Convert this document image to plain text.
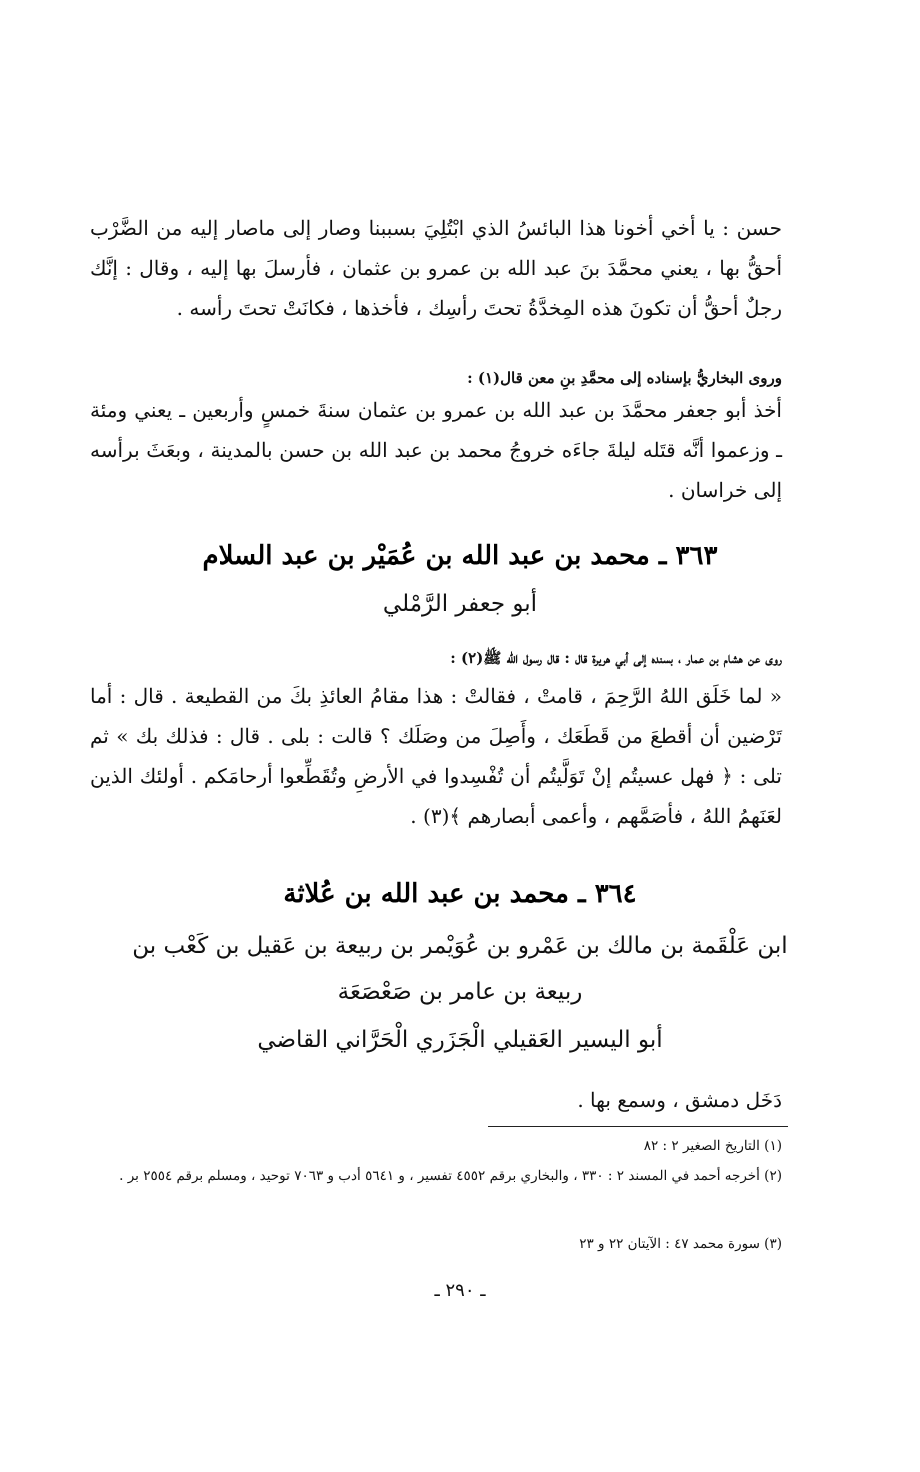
حسن : يا أخي أخونا هذا البائسُ الذي ابْتُلِيَ بسببنا وصار إلى ماصار إليه من الضَّرْب أحقُّ بها ، يعني محمَّدَ بنَ عبد الله بن عمرو بن عثمان ، فأرسلَ بها إليه ، وقال : إنَّك رجلٌ أحقُّ أن تكونَ هذه المِخدَّةُ تحتَ رأسِك ، فأخذها ، فكانَتْ تحتَ رأسه .

وروى البخاريُّ بإسناده إلى محمَّدِ بنِ معن قال(١) :

أخذ أبو جعفر محمَّدَ بن عبد الله بن عمرو بن عثمان سنةَ خمسٍ وأربعين ـ يعني ومئة ـ وزعموا أنَّه قتَله ليلةَ جاءَه خروجُ محمد بن عبد الله بن حسن بالمدينة ، وبعَثَ برأسه إلى خراسان .

٣٦٣ ـ محمد بن عبد الله بن عُمَيْر بن عبد السلام
أبو جعفر الرَّمْلي

روى عن هشام بن عمار ، بسنده إلى أبي هريرة قال : قال رسول الله ﷺ(٢) :

« لما خَلَق اللهُ الرَّحِمَ ، قامتْ ، فقالتْ : هذا مقامُ العائذِ بكَ من القطيعة . قال : أما تَرْضين أن أقطعَ من قَطَعَك ، وأَصِلَ من وصَلَك ؟ قالت : بلى . قال : فذلك بك » ثم تلى : ﴿ فهل عسيتُم إنْ تَوَلَّيتُم أن تُفْسِدوا في الأرضِ وتُقَطِّعوا أرحامَكم . أولئك الذين لعَنَهمُ اللهُ ، فأصَمَّهم ، وأعمى أبصارهم ﴾(٣) .

٣٦٤ ـ محمد بن عبد الله بن عُلاثة
ابن عَلْقَمة بن مالك بن عَمْرو بن عُوَيْمر بن ربيعة بن عَقيل بن كَعْب بن
ربيعة بن عامر بن صَعْصَعَة
أبو اليسير العَقيلي الْجَزَري الْحَرَّاني القاضي

دَخَل دمشق ، وسمع بها .

(١) التاريخ الصغير ٢ : ٨٢

(٢) أخرجه أحمد في المسند ٢ : ٣٣٠ ، والبخاري برقم ٤٥٥٢ تفسير ، و ٥٦٤١ أدب و ٧٠٦٣ توحيد ، ومسلم برقم ٢٥٥٤ بر .

(٣) سورة محمد ٤٧ : الآيتان ٢٢ و ٢٣

ـ ٢٩٠ ـ
